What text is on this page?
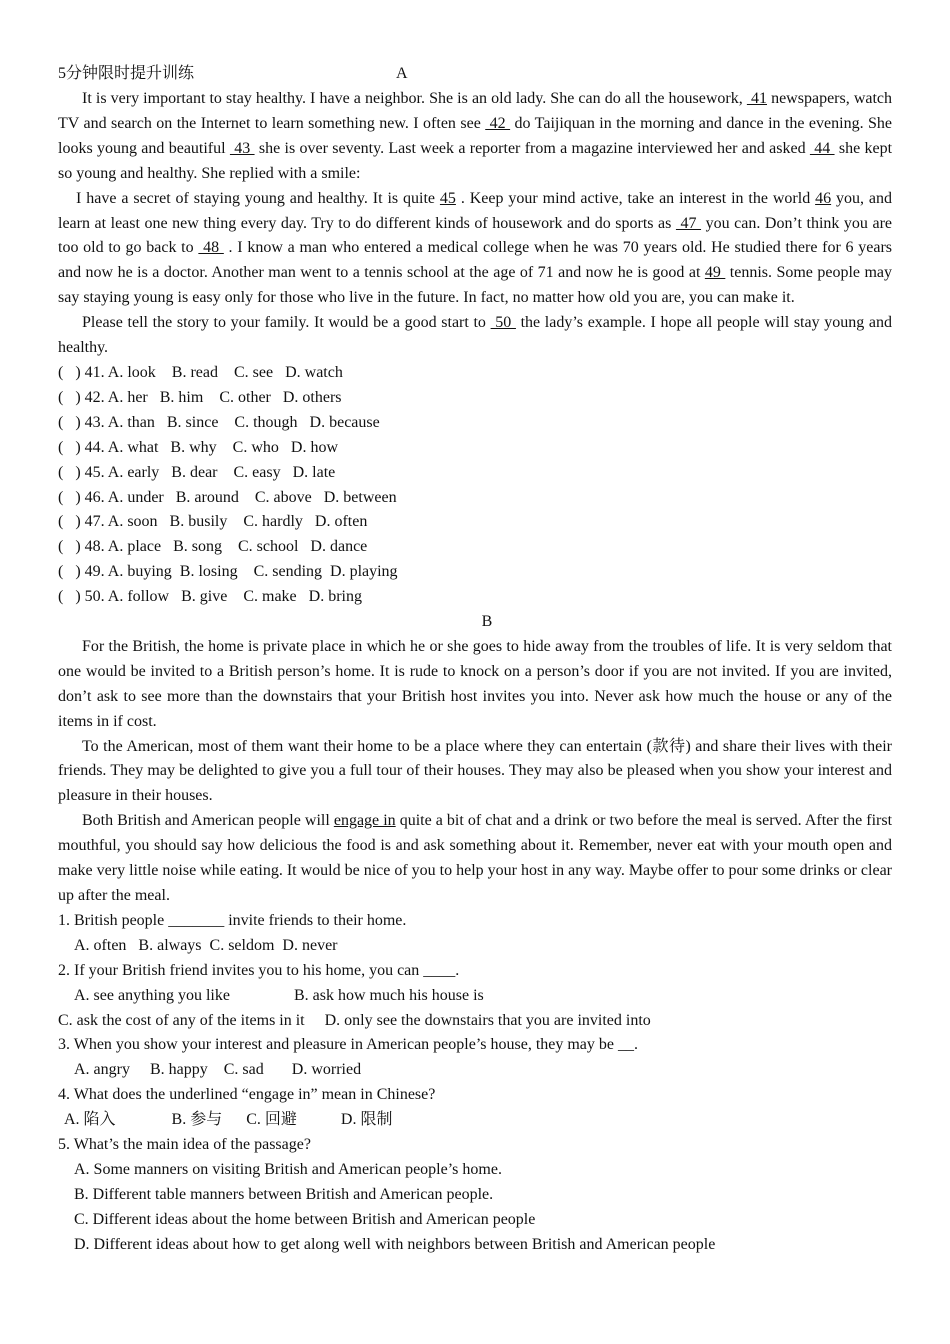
5分钟限时提升训练	A

It is very important to stay healthy. I have a neighbor. She is an old lady. She can do all the housework,  41 newspapers, watch TV and search on the Internet to learn something new. I often see  42  do Taijiquan in the morning and dance in the evening. She looks young and beautiful  43  she is over seventy. Last week a reporter from a magazine interviewed her and asked  44  she kept so young and healthy. She replied with a smile:

I have a secret of staying young and healthy. It is quite 45 . Keep your mind active, take an interest in the world 46 you, and learn at least one new thing every day. Try to do different kinds of housework and do sports as  47  you can. Don’t think you are too old to go back to  48  . I know a man who entered a medical college when he was 70 years old. He studied there for 6 years and now he is a doctor. Another man went to a tennis school at the age of 71 and now he is good at 49  tennis. Some people may say staying young is easy only for those who live in the future. In fact, no matter how old you are, you can make it.

Please tell the story to your family. It would be a good start to  50  the lady’s example. I hope all people will stay young and healthy.

(   ) 41. A. look    B. read    C. see   D. watch
(   ) 42. A. her   B. him    C. other   D. others
(   ) 43. A. than   B. since    C. though   D. because
(   ) 44. A. what   B. why    C. who   D. how
(   ) 45. A. early   B. dear    C. easy   D. late
(   ) 46. A. under   B. around    C. above   D. between
(   ) 47. A. soon   B. busily    C. hardly   D. often
(   ) 48. A. place   B. song    C. school   D. dance
(   ) 49. A. buying  B. losing    C. sending  D. playing
(   ) 50. A. follow   B. give    C. make   D. bring
B

For the British, the home is private place in which he or she goes to hide away from the troubles of life. It is very seldom that one would be invited to a British person’s home. It is rude to knock on a person’s door if you are not invited. If you are invited, don’t ask to see more than the downstairs that your British host invites you into. Never ask how much the house or any of the items in if cost.

To the American, most of them want their home to be a place where they can entertain (款待) and share their lives with their friends. They may be delighted to give you a full tour of their houses. They may also be pleased when you show your interest and pleasure in their houses.

Both British and American people will engage in quite a bit of chat and a drink or two before the meal is served. After the first mouthful, you should say how delicious the food is and ask something about it. Remember, never eat with your mouth open and make very little noise while eating. It would be nice of you to help your host in any way. Maybe offer to pour some drinks or clear up after the meal.

1. British people _______ invite friends to their home.
A. often   B. always  C. seldom  D. never
2. If your British friend invites you to his home, you can ____.
A. see anything you like                B. ask how much his house is
C. ask the cost of any of the items in it     D. only see the downstairs that you are invited into
3. When you show your interest and pleasure in American people’s house, they may be __.
A. angry     B. happy    C. sad       D. worried
4. What does the underlined “engage in” mean in Chinese?
A. 陷入              B. 参与      C. 回避           D. 限制
5. What’s the main idea of the passage?
A. Some manners on visiting British and American people’s home.
B. Different table manners between British and American people.
C. Different ideas about the home between British and American people
D. Different ideas about how to get along well with neighbors between British and American people
